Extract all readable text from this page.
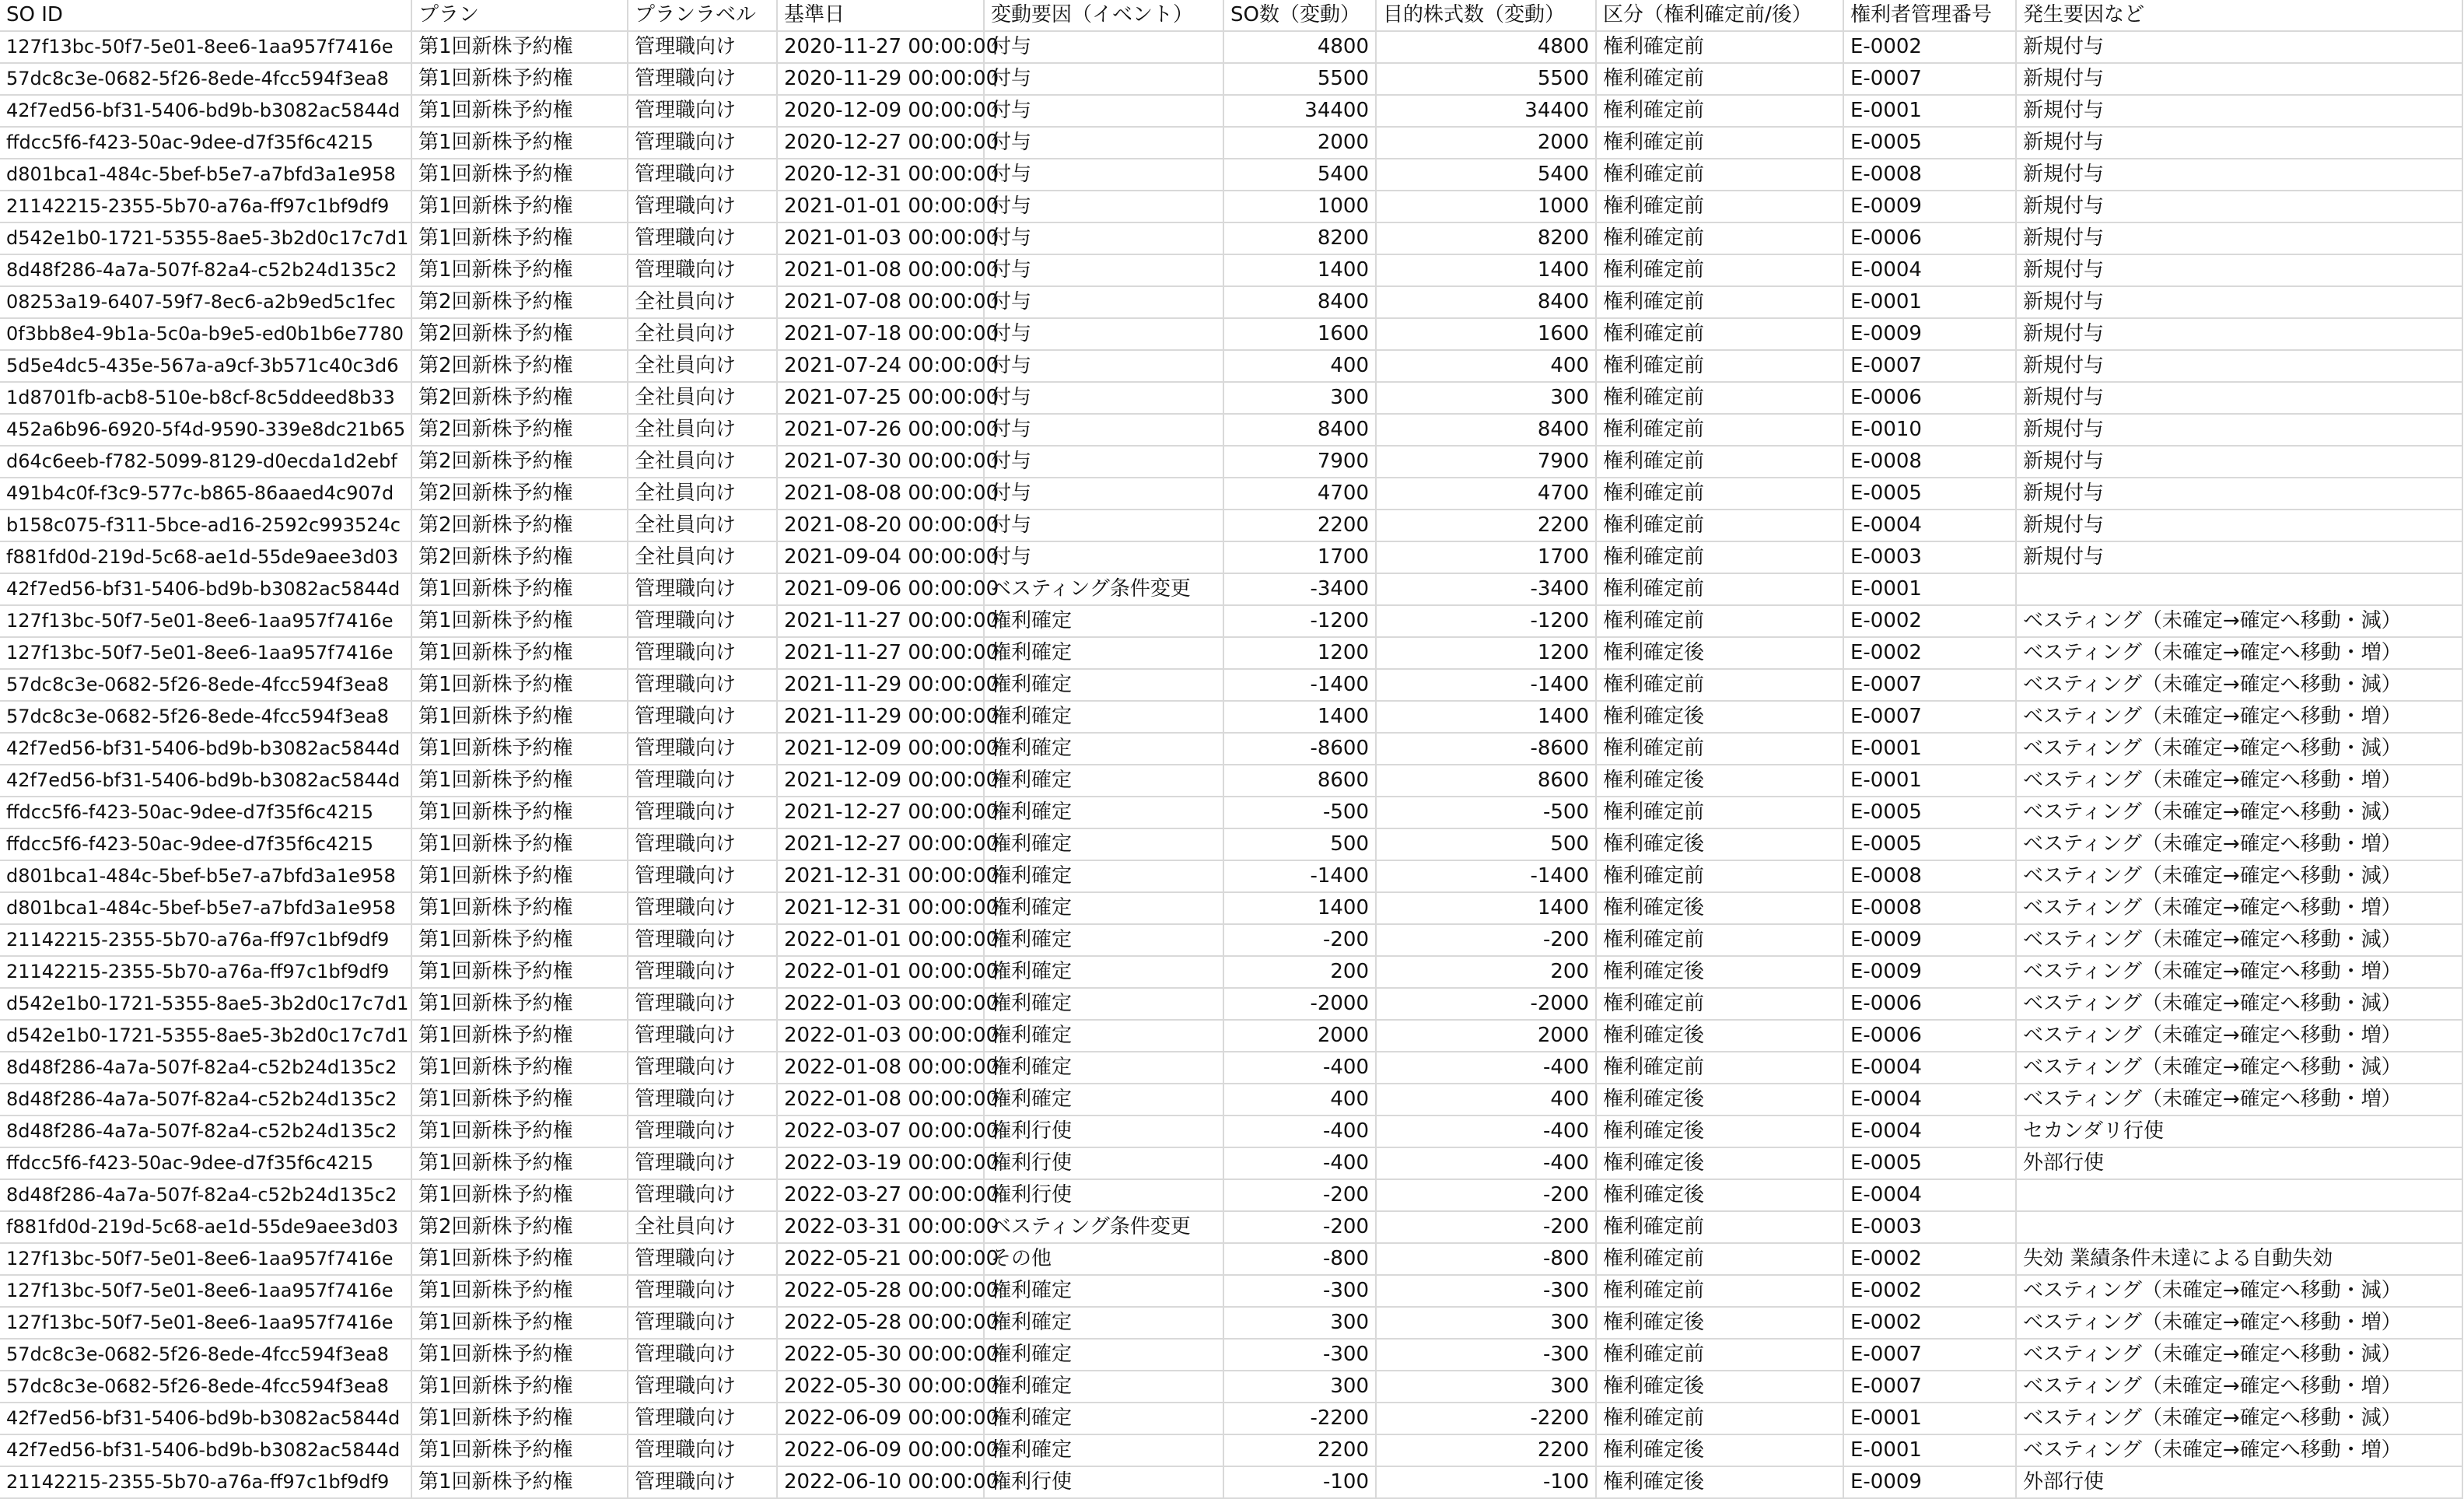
SO ID	プラン	プランラベル	基準日	変動要因（イベント）	SO数（変動）	目的株式数（変動）	区分（権利確定前/後）	権利者管理番号	発生要因など
127f13bc-50f7-5e01-8ee6-1aa957f7416e	第1回新株予約権	管理職向け	2020-11-27 00:00:00	付与	4800	4800	権利確定前	E-0002	新規付与
57dc8c3e-0682-5f26-8ede-4fcc594f3ea8	第1回新株予約権	管理職向け	2020-11-29 00:00:00	付与	5500	5500	権利確定前	E-0007	新規付与
42f7ed56-bf31-5406-bd9b-b3082ac5844d	第1回新株予約権	管理職向け	2020-12-09 00:00:00	付与	34400	34400	権利確定前	E-0001	新規付与
ffdcc5f6-f423-50ac-9dee-d7f35f6c4215	第1回新株予約権	管理職向け	2020-12-27 00:00:00	付与	2000	2000	権利確定前	E-0005	新規付与
d801bca1-484c-5bef-b5e7-a7bfd3a1e958	第1回新株予約権	管理職向け	2020-12-31 00:00:00	付与	5400	5400	権利確定前	E-0008	新規付与
21142215-2355-5b70-a76a-ff97c1bf9df9	第1回新株予約権	管理職向け	2021-01-01 00:00:00	付与	1000	1000	権利確定前	E-0009	新規付与
d542e1b0-1721-5355-8ae5-3b2d0c17c7d1	第1回新株予約権	管理職向け	2021-01-03 00:00:00	付与	8200	8200	権利確定前	E-0006	新規付与
8d48f286-4a7a-507f-82a4-c52b24d135c2	第1回新株予約権	管理職向け	2021-01-08 00:00:00	付与	1400	1400	権利確定前	E-0004	新規付与
08253a19-6407-59f7-8ec6-a2b9ed5c1fec	第2回新株予約権	全社員向け	2021-07-08 00:00:00	付与	8400	8400	権利確定前	E-0001	新規付与
0f3bb8e4-9b1a-5c0a-b9e5-ed0b1b6e7780	第2回新株予約権	全社員向け	2021-07-18 00:00:00	付与	1600	1600	権利確定前	E-0009	新規付与
5d5e4dc5-435e-567a-a9cf-3b571c40c3d6	第2回新株予約権	全社員向け	2021-07-24 00:00:00	付与	400	400	権利確定前	E-0007	新規付与
1d8701fb-acb8-510e-b8cf-8c5ddeed8b33	第2回新株予約権	全社員向け	2021-07-25 00:00:00	付与	300	300	権利確定前	E-0006	新規付与
452a6b96-6920-5f4d-9590-339e8dc21b65	第2回新株予約権	全社員向け	2021-07-26 00:00:00	付与	8400	8400	権利確定前	E-0010	新規付与
d64c6eeb-f782-5099-8129-d0ecda1d2ebf	第2回新株予約権	全社員向け	2021-07-30 00:00:00	付与	7900	7900	権利確定前	E-0008	新規付与
491b4c0f-f3c9-577c-b865-86aaed4c907d	第2回新株予約権	全社員向け	2021-08-08 00:00:00	付与	4700	4700	権利確定前	E-0005	新規付与
b158c075-f311-5bce-ad16-2592c993524c	第2回新株予約権	全社員向け	2021-08-20 00:00:00	付与	2200	2200	権利確定前	E-0004	新規付与
f881fd0d-219d-5c68-ae1d-55de9aee3d03	第2回新株予約権	全社員向け	2021-09-04 00:00:00	付与	1700	1700	権利確定前	E-0003	新規付与
42f7ed56-bf31-5406-bd9b-b3082ac5844d	第1回新株予約権	管理職向け	2021-09-06 00:00:00	ベスティング条件変更	-3400	-3400	権利確定前	E-0001	
127f13bc-50f7-5e01-8ee6-1aa957f7416e	第1回新株予約権	管理職向け	2021-11-27 00:00:00	権利確定	-1200	-1200	権利確定前	E-0002	ベスティング（未確定→確定へ移動・減）
127f13bc-50f7-5e01-8ee6-1aa957f7416e	第1回新株予約権	管理職向け	2021-11-27 00:00:00	権利確定	1200	1200	権利確定後	E-0002	ベスティング（未確定→確定へ移動・増）
57dc8c3e-0682-5f26-8ede-4fcc594f3ea8	第1回新株予約権	管理職向け	2021-11-29 00:00:00	権利確定	-1400	-1400	権利確定前	E-0007	ベスティング（未確定→確定へ移動・減）
57dc8c3e-0682-5f26-8ede-4fcc594f3ea8	第1回新株予約権	管理職向け	2021-11-29 00:00:00	権利確定	1400	1400	権利確定後	E-0007	ベスティング（未確定→確定へ移動・増）
42f7ed56-bf31-5406-bd9b-b3082ac5844d	第1回新株予約権	管理職向け	2021-12-09 00:00:00	権利確定	-8600	-8600	権利確定前	E-0001	ベスティング（未確定→確定へ移動・減）
42f7ed56-bf31-5406-bd9b-b3082ac5844d	第1回新株予約権	管理職向け	2021-12-09 00:00:00	権利確定	8600	8600	権利確定後	E-0001	ベスティング（未確定→確定へ移動・増）
ffdcc5f6-f423-50ac-9dee-d7f35f6c4215	第1回新株予約権	管理職向け	2021-12-27 00:00:00	権利確定	-500	-500	権利確定前	E-0005	ベスティング（未確定→確定へ移動・減）
ffdcc5f6-f423-50ac-9dee-d7f35f6c4215	第1回新株予約権	管理職向け	2021-12-27 00:00:00	権利確定	500	500	権利確定後	E-0005	ベスティング（未確定→確定へ移動・増）
d801bca1-484c-5bef-b5e7-a7bfd3a1e958	第1回新株予約権	管理職向け	2021-12-31 00:00:00	権利確定	-1400	-1400	権利確定前	E-0008	ベスティング（未確定→確定へ移動・減）
d801bca1-484c-5bef-b5e7-a7bfd3a1e958	第1回新株予約権	管理職向け	2021-12-31 00:00:00	権利確定	1400	1400	権利確定後	E-0008	ベスティング（未確定→確定へ移動・増）
21142215-2355-5b70-a76a-ff97c1bf9df9	第1回新株予約権	管理職向け	2022-01-01 00:00:00	権利確定	-200	-200	権利確定前	E-0009	ベスティング（未確定→確定へ移動・減）
21142215-2355-5b70-a76a-ff97c1bf9df9	第1回新株予約権	管理職向け	2022-01-01 00:00:00	権利確定	200	200	権利確定後	E-0009	ベスティング（未確定→確定へ移動・増）
d542e1b0-1721-5355-8ae5-3b2d0c17c7d1	第1回新株予約権	管理職向け	2022-01-03 00:00:00	権利確定	-2000	-2000	権利確定前	E-0006	ベスティング（未確定→確定へ移動・減）
d542e1b0-1721-5355-8ae5-3b2d0c17c7d1	第1回新株予約権	管理職向け	2022-01-03 00:00:00	権利確定	2000	2000	権利確定後	E-0006	ベスティング（未確定→確定へ移動・増）
8d48f286-4a7a-507f-82a4-c52b24d135c2	第1回新株予約権	管理職向け	2022-01-08 00:00:00	権利確定	-400	-400	権利確定前	E-0004	ベスティング（未確定→確定へ移動・減）
8d48f286-4a7a-507f-82a4-c52b24d135c2	第1回新株予約権	管理職向け	2022-01-08 00:00:00	権利確定	400	400	権利確定後	E-0004	ベスティング（未確定→確定へ移動・増）
8d48f286-4a7a-507f-82a4-c52b24d135c2	第1回新株予約権	管理職向け	2022-03-07 00:00:00	権利行使	-400	-400	権利確定後	E-0004	セカンダリ行使
ffdcc5f6-f423-50ac-9dee-d7f35f6c4215	第1回新株予約権	管理職向け	2022-03-19 00:00:00	権利行使	-400	-400	権利確定後	E-0005	外部行使
8d48f286-4a7a-507f-82a4-c52b24d135c2	第1回新株予約権	管理職向け	2022-03-27 00:00:00	権利行使	-200	-200	権利確定後	E-0004	
f881fd0d-219d-5c68-ae1d-55de9aee3d03	第2回新株予約権	全社員向け	2022-03-31 00:00:00	ベスティング条件変更	-200	-200	権利確定前	E-0003	
127f13bc-50f7-5e01-8ee6-1aa957f7416e	第1回新株予約権	管理職向け	2022-05-21 00:00:00	その他	-800	-800	権利確定前	E-0002	失効 業績条件未達による自動失効
127f13bc-50f7-5e01-8ee6-1aa957f7416e	第1回新株予約権	管理職向け	2022-05-28 00:00:00	権利確定	-300	-300	権利確定前	E-0002	ベスティング（未確定→確定へ移動・減）
127f13bc-50f7-5e01-8ee6-1aa957f7416e	第1回新株予約権	管理職向け	2022-05-28 00:00:00	権利確定	300	300	権利確定後	E-0002	ベスティング（未確定→確定へ移動・増）
57dc8c3e-0682-5f26-8ede-4fcc594f3ea8	第1回新株予約権	管理職向け	2022-05-30 00:00:00	権利確定	-300	-300	権利確定前	E-0007	ベスティング（未確定→確定へ移動・減）
57dc8c3e-0682-5f26-8ede-4fcc594f3ea8	第1回新株予約権	管理職向け	2022-05-30 00:00:00	権利確定	300	300	権利確定後	E-0007	ベスティング（未確定→確定へ移動・増）
42f7ed56-bf31-5406-bd9b-b3082ac5844d	第1回新株予約権	管理職向け	2022-06-09 00:00:00	権利確定	-2200	-2200	権利確定前	E-0001	ベスティング（未確定→確定へ移動・減）
42f7ed56-bf31-5406-bd9b-b3082ac5844d	第1回新株予約権	管理職向け	2022-06-09 00:00:00	権利確定	2200	2200	権利確定後	E-0001	ベスティング（未確定→確定へ移動・増）
21142215-2355-5b70-a76a-ff97c1bf9df9	第1回新株予約権	管理職向け	2022-06-10 00:00:00	権利行使	-100	-100	権利確定後	E-0009	外部行使
